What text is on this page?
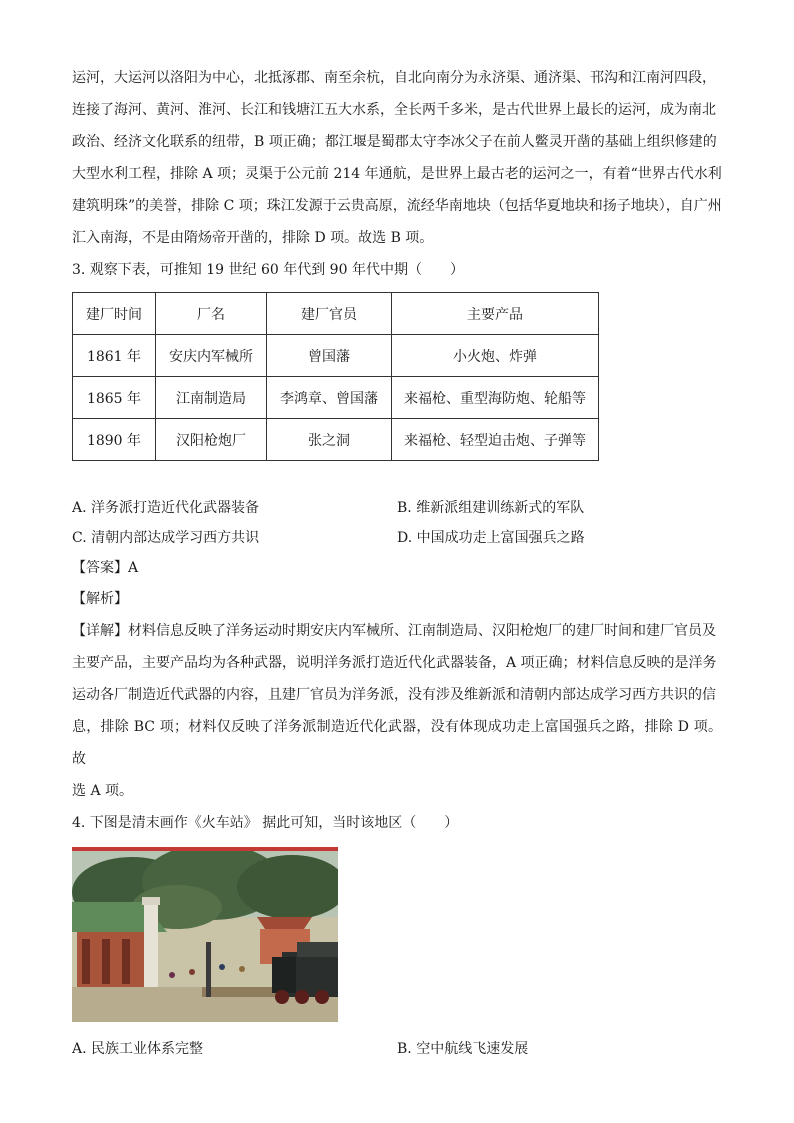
运河，大运河以洛阳为中心，北抵涿郡、南至余杭，自北向南分为永济渠、通济渠、邗沟和江南河四段，

连接了海河、黄河、淮河、长江和钱塘江五大水系，全长两千多米，是古代世界上最长的运河，成为南北

政治、经济文化联系的纽带，B 项正确；都江堰是蜀郡太守李冰父子在前人鳖灵开凿的基础上组织修建的

大型水利工程，排除 A 项；灵渠于公元前 214 年通航，是世界上最古老的运河之一，有着“世界古代水利

建筑明珠”的美誉，排除 C 项；珠江发源于云贵高原，流经华南地块（包括华夏地块和扬子地块），自广州

汇入南海，不是由隋炀帝开凿的，排除 D 项。故选 B 项。

3. 观察下表，可推知 19 世纪 60 年代到 90 年代中期（　　）

建厂时间	厂名	建厂官员	主要产品
1861 年	安庆内军械所	曾国藩	小火炮、炸弹
1865 年	江南制造局	李鸿章、曾国藩	来福枪、重型海防炮、轮船等
1890 年	汉阳枪炮厂	张之洞	来福枪、轻型迫击炮、子弹等
A. 洋务派打造近代化武器装备	B. 维新派组建训练新式的军队
C. 清朝内部达成学习西方共识	D. 中国成功走上富国强兵之路
【答案】A
【解析】

【详解】材料信息反映了洋务运动时期安庆内军械所、江南制造局、汉阳枪炮厂的建厂时间和建厂官员及

主要产品，主要产品均为各种武器，说明洋务派打造近代化武器装备，A 项正确；材料信息反映的是洋务

运动各厂制造近代武器的内容，且建厂官员为洋务派，没有涉及维新派和清朝内部达成学习西方共识的信

息，排除 BC 项；材料仅反映了洋务派制造近代化武器，没有体现成功走上富国强兵之路，排除 D 项。故

选 A 项。

4. 下图是清末画作《火车站》 据此可知，当时该地区（　　）

A. 民族工业体系完整	B. 空中航线飞速发展
